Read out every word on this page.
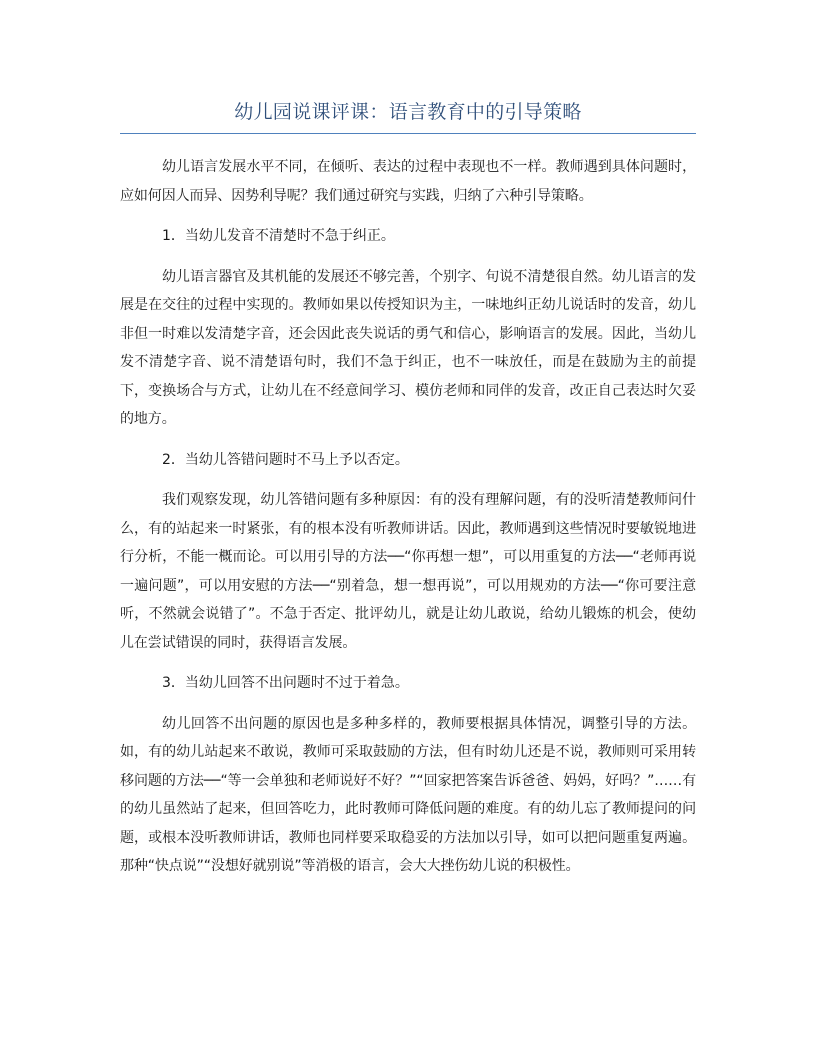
幼儿园说课评课：语言教育中的引导策略

幼儿语言发展水平不同，在倾听、表达的过程中表现也不一样。教师遇到具体问题时，应如何因人而异、因势利导呢？我们通过研究与实践，归纳了六种引导策略。

1．当幼儿发音不清楚时不急于纠正。

幼儿语言器官及其机能的发展还不够完善，个别字、句说不清楚很自然。幼儿语言的发展是在交往的过程中实现的。教师如果以传授知识为主，一味地纠正幼儿说话时的发音，幼儿非但一时难以发清楚字音，还会因此丧失说话的勇气和信心，影响语言的发展。因此，当幼儿发不清楚字音、说不清楚语句时，我们不急于纠正，也不一味放任，而是在鼓励为主的前提下，变换场合与方式，让幼儿在不经意间学习、模仿老师和同伴的发音，改正自己表达时欠妥的地方。

2．当幼儿答错问题时不马上予以否定。

我们观察发现，幼儿答错问题有多种原因：有的没有理解问题，有的没听清楚教师问什么，有的站起来一时紧张，有的根本没有听教师讲话。因此，教师遇到这些情况时要敏锐地进行分析，不能一概而论。可以用引导的方法──“你再想一想”，可以用重复的方法──“老师再说一遍问题”，可以用安慰的方法──“别着急，想一想再说”，可以用规劝的方法──“你可要注意听，不然就会说错了”。不急于否定、批评幼儿，就是让幼儿敢说，给幼儿锻炼的机会，使幼儿在尝试错误的同时，获得语言发展。

3．当幼儿回答不出问题时不过于着急。

幼儿回答不出问题的原因也是多种多样的，教师要根据具体情况，调整引导的方法。如，有的幼儿站起来不敢说，教师可采取鼓励的方法，但有时幼儿还是不说，教师则可采用转移问题的方法──“等一会单独和老师说好不好？”“回家把答案告诉爸爸、妈妈，好吗？”……有的幼儿虽然站了起来，但回答吃力，此时教师可降低问题的难度。有的幼儿忘了教师提问的问题，或根本没听教师讲话，教师也同样要采取稳妥的方法加以引导，如可以把问题重复两遍。那种“快点说”“没想好就别说”等消极的语言，会大大挫伤幼儿说的积极性。
